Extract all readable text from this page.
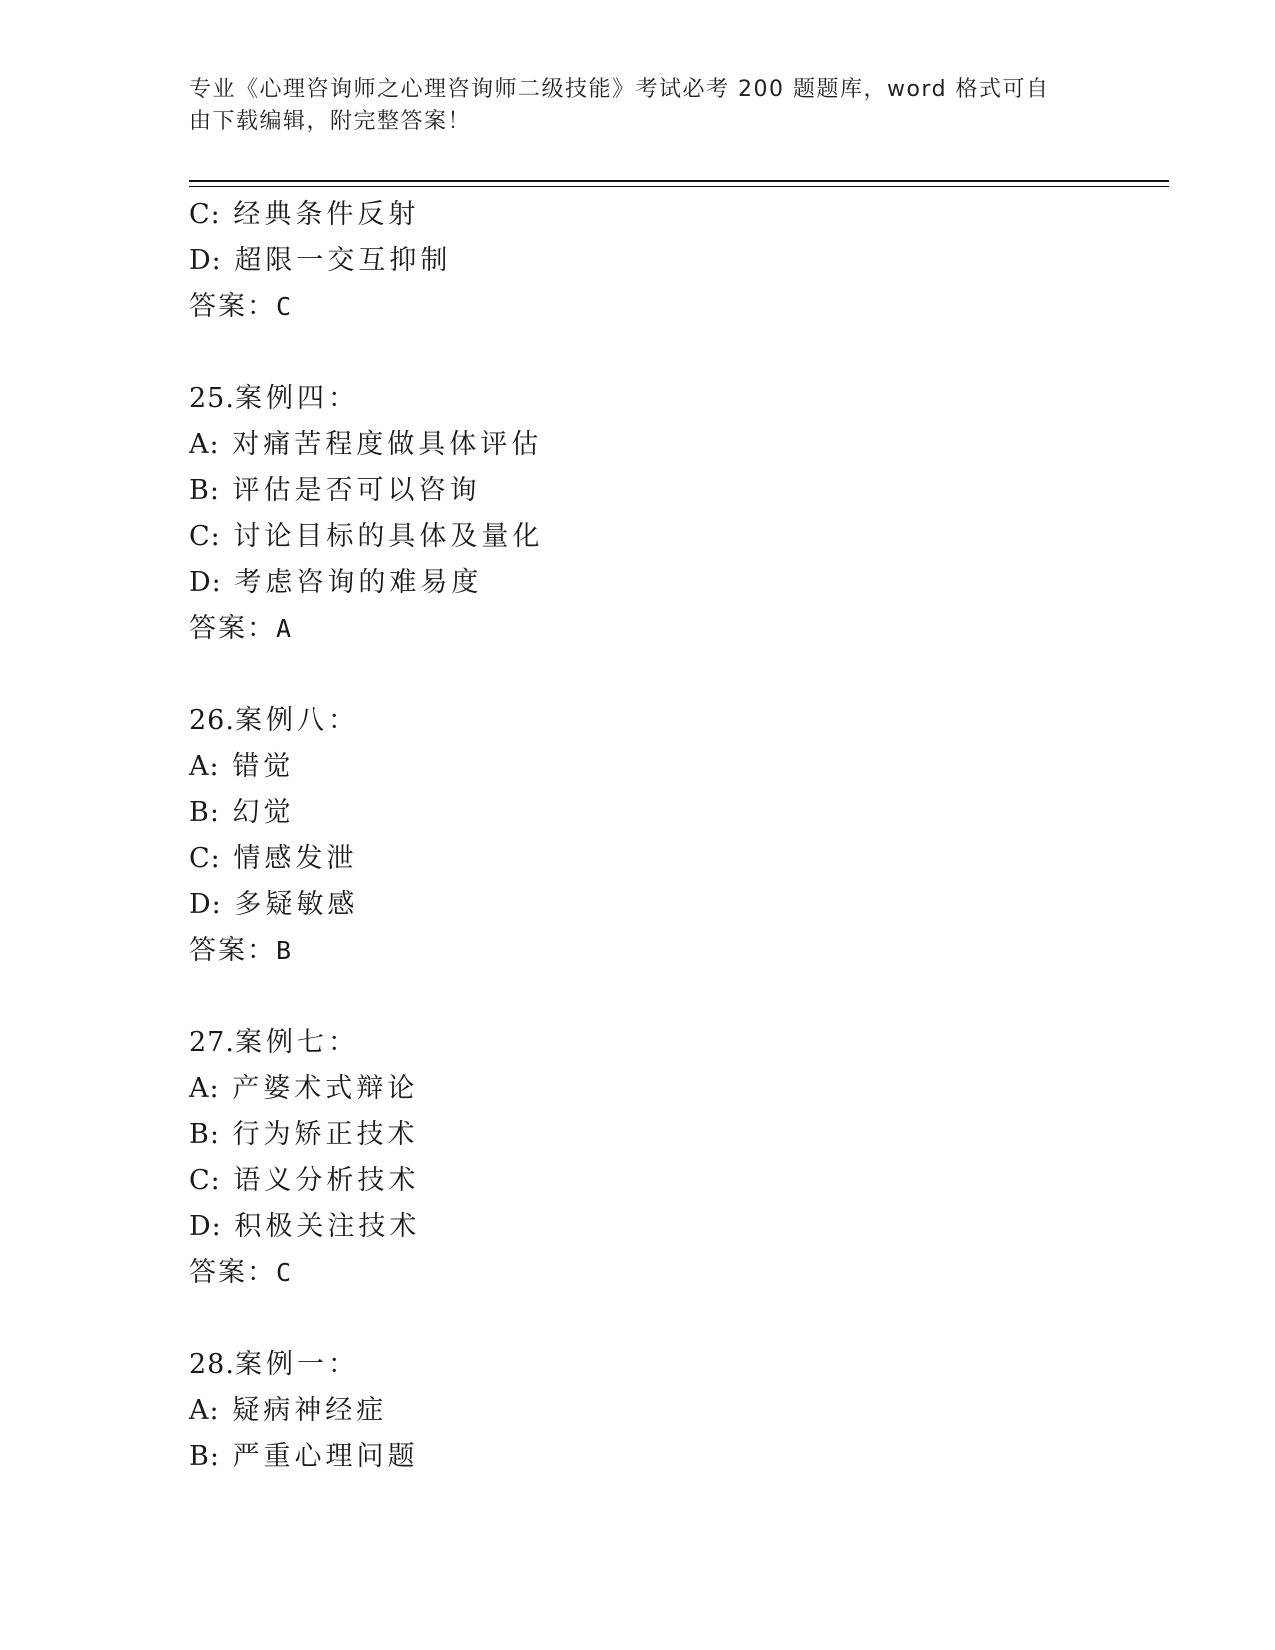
专业《心理咨询师之心理咨询师二级技能》考试必考 200 题题库，word 格式可自
由下载编辑，附完整答案！
C: 经典条件反射
D: 超限一交互抑制
答案：C
25.案例四：
A: 对痛苦程度做具体评估
B: 评估是否可以咨询
C: 讨论目标的具体及量化
D: 考虑咨询的难易度
答案：A
26.案例八：
A: 错觉
B: 幻觉
C: 情感发泄
D: 多疑敏感
答案：B
27.案例七：
A: 产婆术式辩论
B: 行为矫正技术
C: 语义分析技术
D: 积极关注技术
答案：C
28.案例一：
A: 疑病神经症
B: 严重心理问题
